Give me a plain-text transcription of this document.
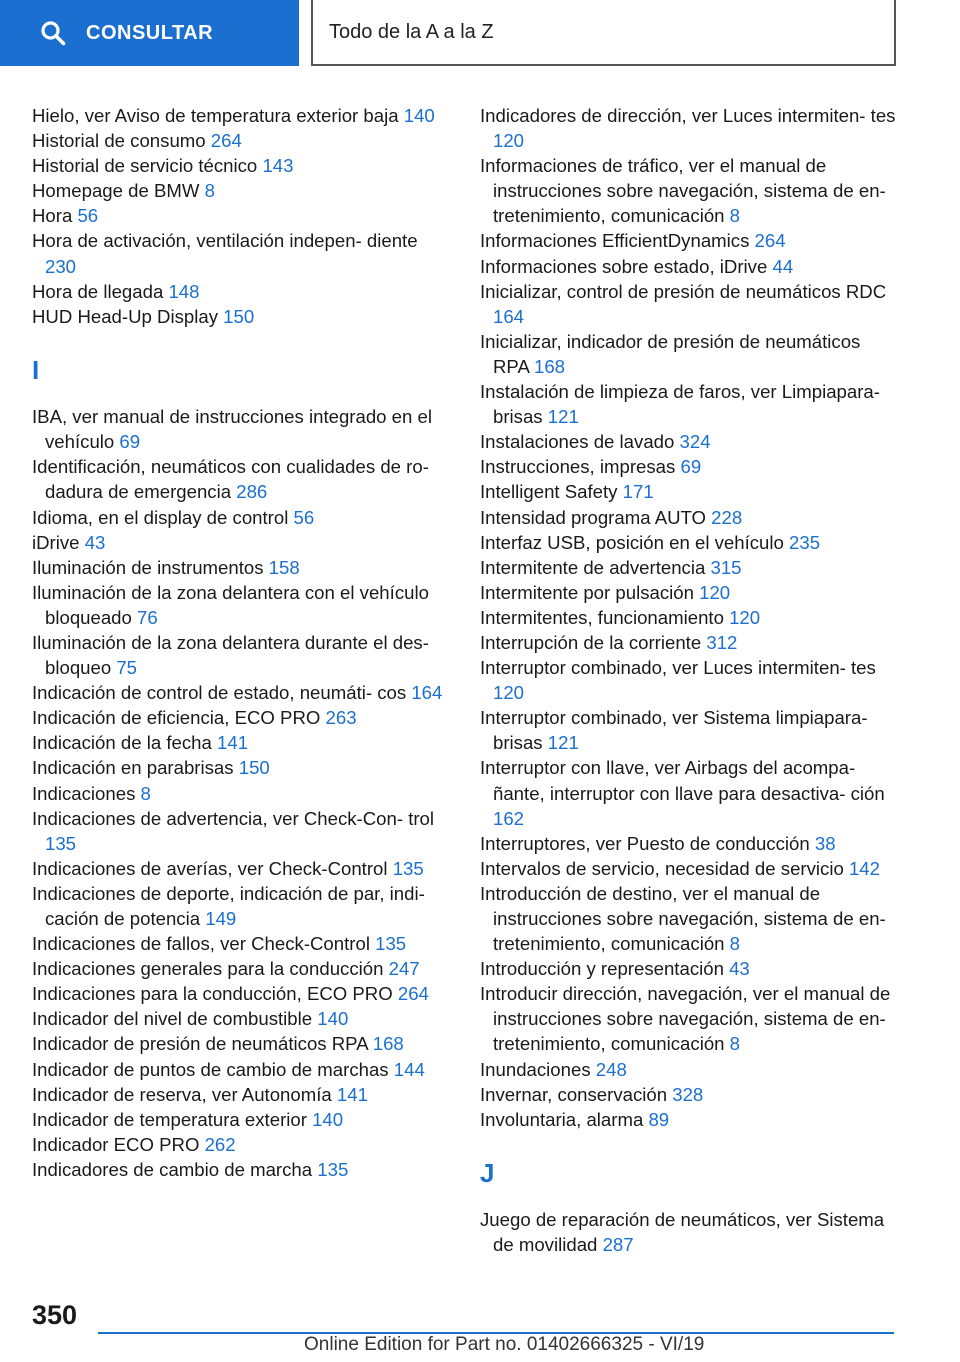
CONSULTAR	Todo de la A a la Z
Hielo, ver Aviso de temperatura exterior baja 140
Historial de consumo 264
Historial de servicio técnico 143
Homepage de BMW 8
Hora 56
Hora de activación, ventilación indepen- diente 230
Hora de llegada 148
HUD Head-Up Display 150
I
IBA, ver manual de instrucciones integrado en el vehículo 69
Identificación, neumáticos con cualidades de ro- dadura de emergencia 286
Idioma, en el display de control 56
iDrive 43
Iluminación de instrumentos 158
Iluminación de la zona delantera con el vehículo bloqueado 76
Iluminación de la zona delantera durante el des- bloqueo 75
Indicación de control de estado, neumáti- cos 164
Indicación de eficiencia, ECO PRO 263
Indicación de la fecha 141
Indicación en parabrisas 150
Indicaciones 8
Indicaciones de advertencia, ver Check-Con- trol 135
Indicaciones de averías, ver Check-Control 135
Indicaciones de deporte, indicación de par, indi- cación de potencia 149
Indicaciones de fallos, ver Check-Control 135
Indicaciones generales para la conducción 247
Indicaciones para la conducción, ECO PRO 264
Indicador del nivel de combustible 140
Indicador de presión de neumáticos RPA 168
Indicador de puntos de cambio de marchas 144
Indicador de reserva, ver Autonomía 141
Indicador de temperatura exterior 140
Indicador ECO PRO 262
Indicadores de cambio de marcha 135
Indicadores de dirección, ver Luces intermiten- tes 120
Informaciones de tráfico, ver el manual de instrucciones sobre navegación, sistema de en- tretenimiento, comunicación 8
Informaciones EfficientDynamics 264
Informaciones sobre estado, iDrive 44
Inicializar, control de presión de neumáticos RDC 164
Inicializar, indicador de presión de neumáticos RPA 168
Instalación de limpieza de faros, ver Limpiapara- brisas 121
Instalaciones de lavado 324
Instrucciones, impresas 69
Intelligent Safety 171
Intensidad programa AUTO 228
Interfaz USB, posición en el vehículo 235
Intermitente de advertencia 315
Intermitente por pulsación 120
Intermitentes, funcionamiento 120
Interrupción de la corriente 312
Interruptor combinado, ver Luces intermiten- tes 120
Interruptor combinado, ver Sistema limpiapara- brisas 121
Interruptor con llave, ver Airbags del acompa- ñante, interruptor con llave para desactiva- ción 162
Interruptores, ver Puesto de conducción 38
Intervalos de servicio, necesidad de servicio 142
Introducción de destino, ver el manual de instrucciones sobre navegación, sistema de en- tretenimiento, comunicación 8
Introducción y representación 43
Introducir dirección, navegación, ver el manual de instrucciones sobre navegación, sistema de en- tretenimiento, comunicación 8
Inundaciones 248
Invernar, conservación 328
Involuntaria, alarma 89
J
Juego de reparación de neumáticos, ver Sistema de movilidad 287
350
Online Edition for Part no. 01402666325 - VI/19
